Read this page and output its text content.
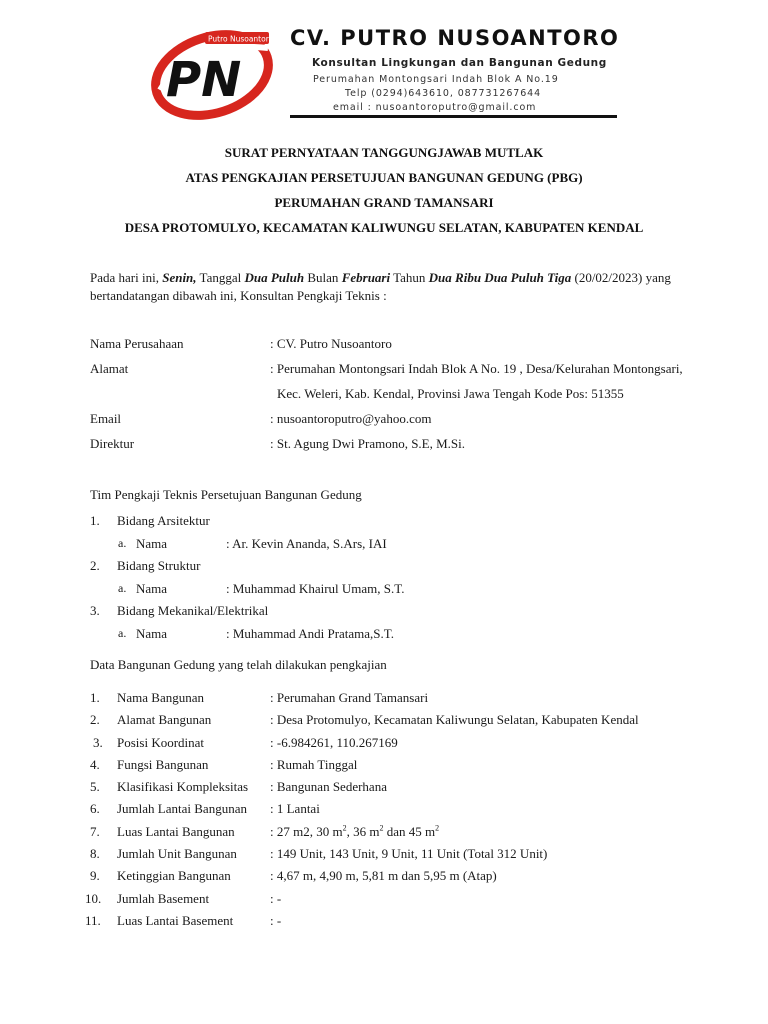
PN
Putro Nusoantoro CV. PUTRO NUSOANTORO
Konsultan Lingkungan dan Bangunan Gedung
Perumahan Montongsari Indah Blok A No.19
Telp (0294)643610, 087731267644
email : nusoantoroputro@gmail.com
SURAT PERNYATAAN TANGGUNGJAWAB MUTLAK
ATAS PENGKAJIAN PERSETUJUAN BANGUNAN GEDUNG (PBG)
PERUMAHAN GRAND TAMANSARI
DESA PROTOMULYO, KECAMATAN KALIWUNGU SELATAN, KABUPATEN KENDAL
Pada hari ini, Senin, Tanggal Dua Puluh Bulan Februari Tahun Dua Ribu Dua Puluh Tiga (20/02/2023) yang
bertandatangan dibawah ini, Konsultan Pengkaji Teknis :
Nama Perusahaan	: CV. Putro Nusoantoro
Alamat	: Perumahan Montongsari Indah Blok A No. 19 , Desa/Kelurahan Montongsari,
Kec. Weleri, Kab. Kendal, Provinsi Jawa Tengah Kode Pos: 51355
Email	: nusoantoroputro@yahoo.com
Direktur	: St. Agung Dwi Pramono, S.E, M.Si.
Tim Pengkaji Teknis Persetujuan Bangunan Gedung
1. Bidang Arsitektur
a. Nama	: Ar. Kevin Ananda, S.Ars, IAI
2. Bidang Struktur
a. Nama	: Muhammad Khairul Umam, S.T.
3. Bidang Mekanikal/Elektrikal
a. Nama	: Muhammad Andi Pratama,S.T.
Data Bangunan Gedung yang telah dilakukan pengkajian
1. Nama Bangunan	: Perumahan Grand Tamansari
2. Alamat Bangunan	: Desa Protomulyo, Kecamatan Kaliwungu Selatan, Kabupaten Kendal
3. Posisi Koordinat	: -6.984261, 110.267169
4. Fungsi Bangunan	: Rumah Tinggal
5. Klasifikasi Kompleksitas : Bangunan Sederhana
6. Jumlah Lantai Bangunan : 1 Lantai
7. Luas Lantai Bangunan	: 27 m2, 30 $m^2$, 36 $m^2$ dan 45 $m^2$
8. Jumlah Unit Bangunan	: 149 Unit, 143 Unit, 9 Unit, 11 Unit (Total 312 Unit)
9. Ketinggian Bangunan	: 4,67 m, 4,90 m, 5,81 m dan 5,95 m (Atap)
10. Jumlah Basement	: -
11. Luas Lantai Basement	: -
